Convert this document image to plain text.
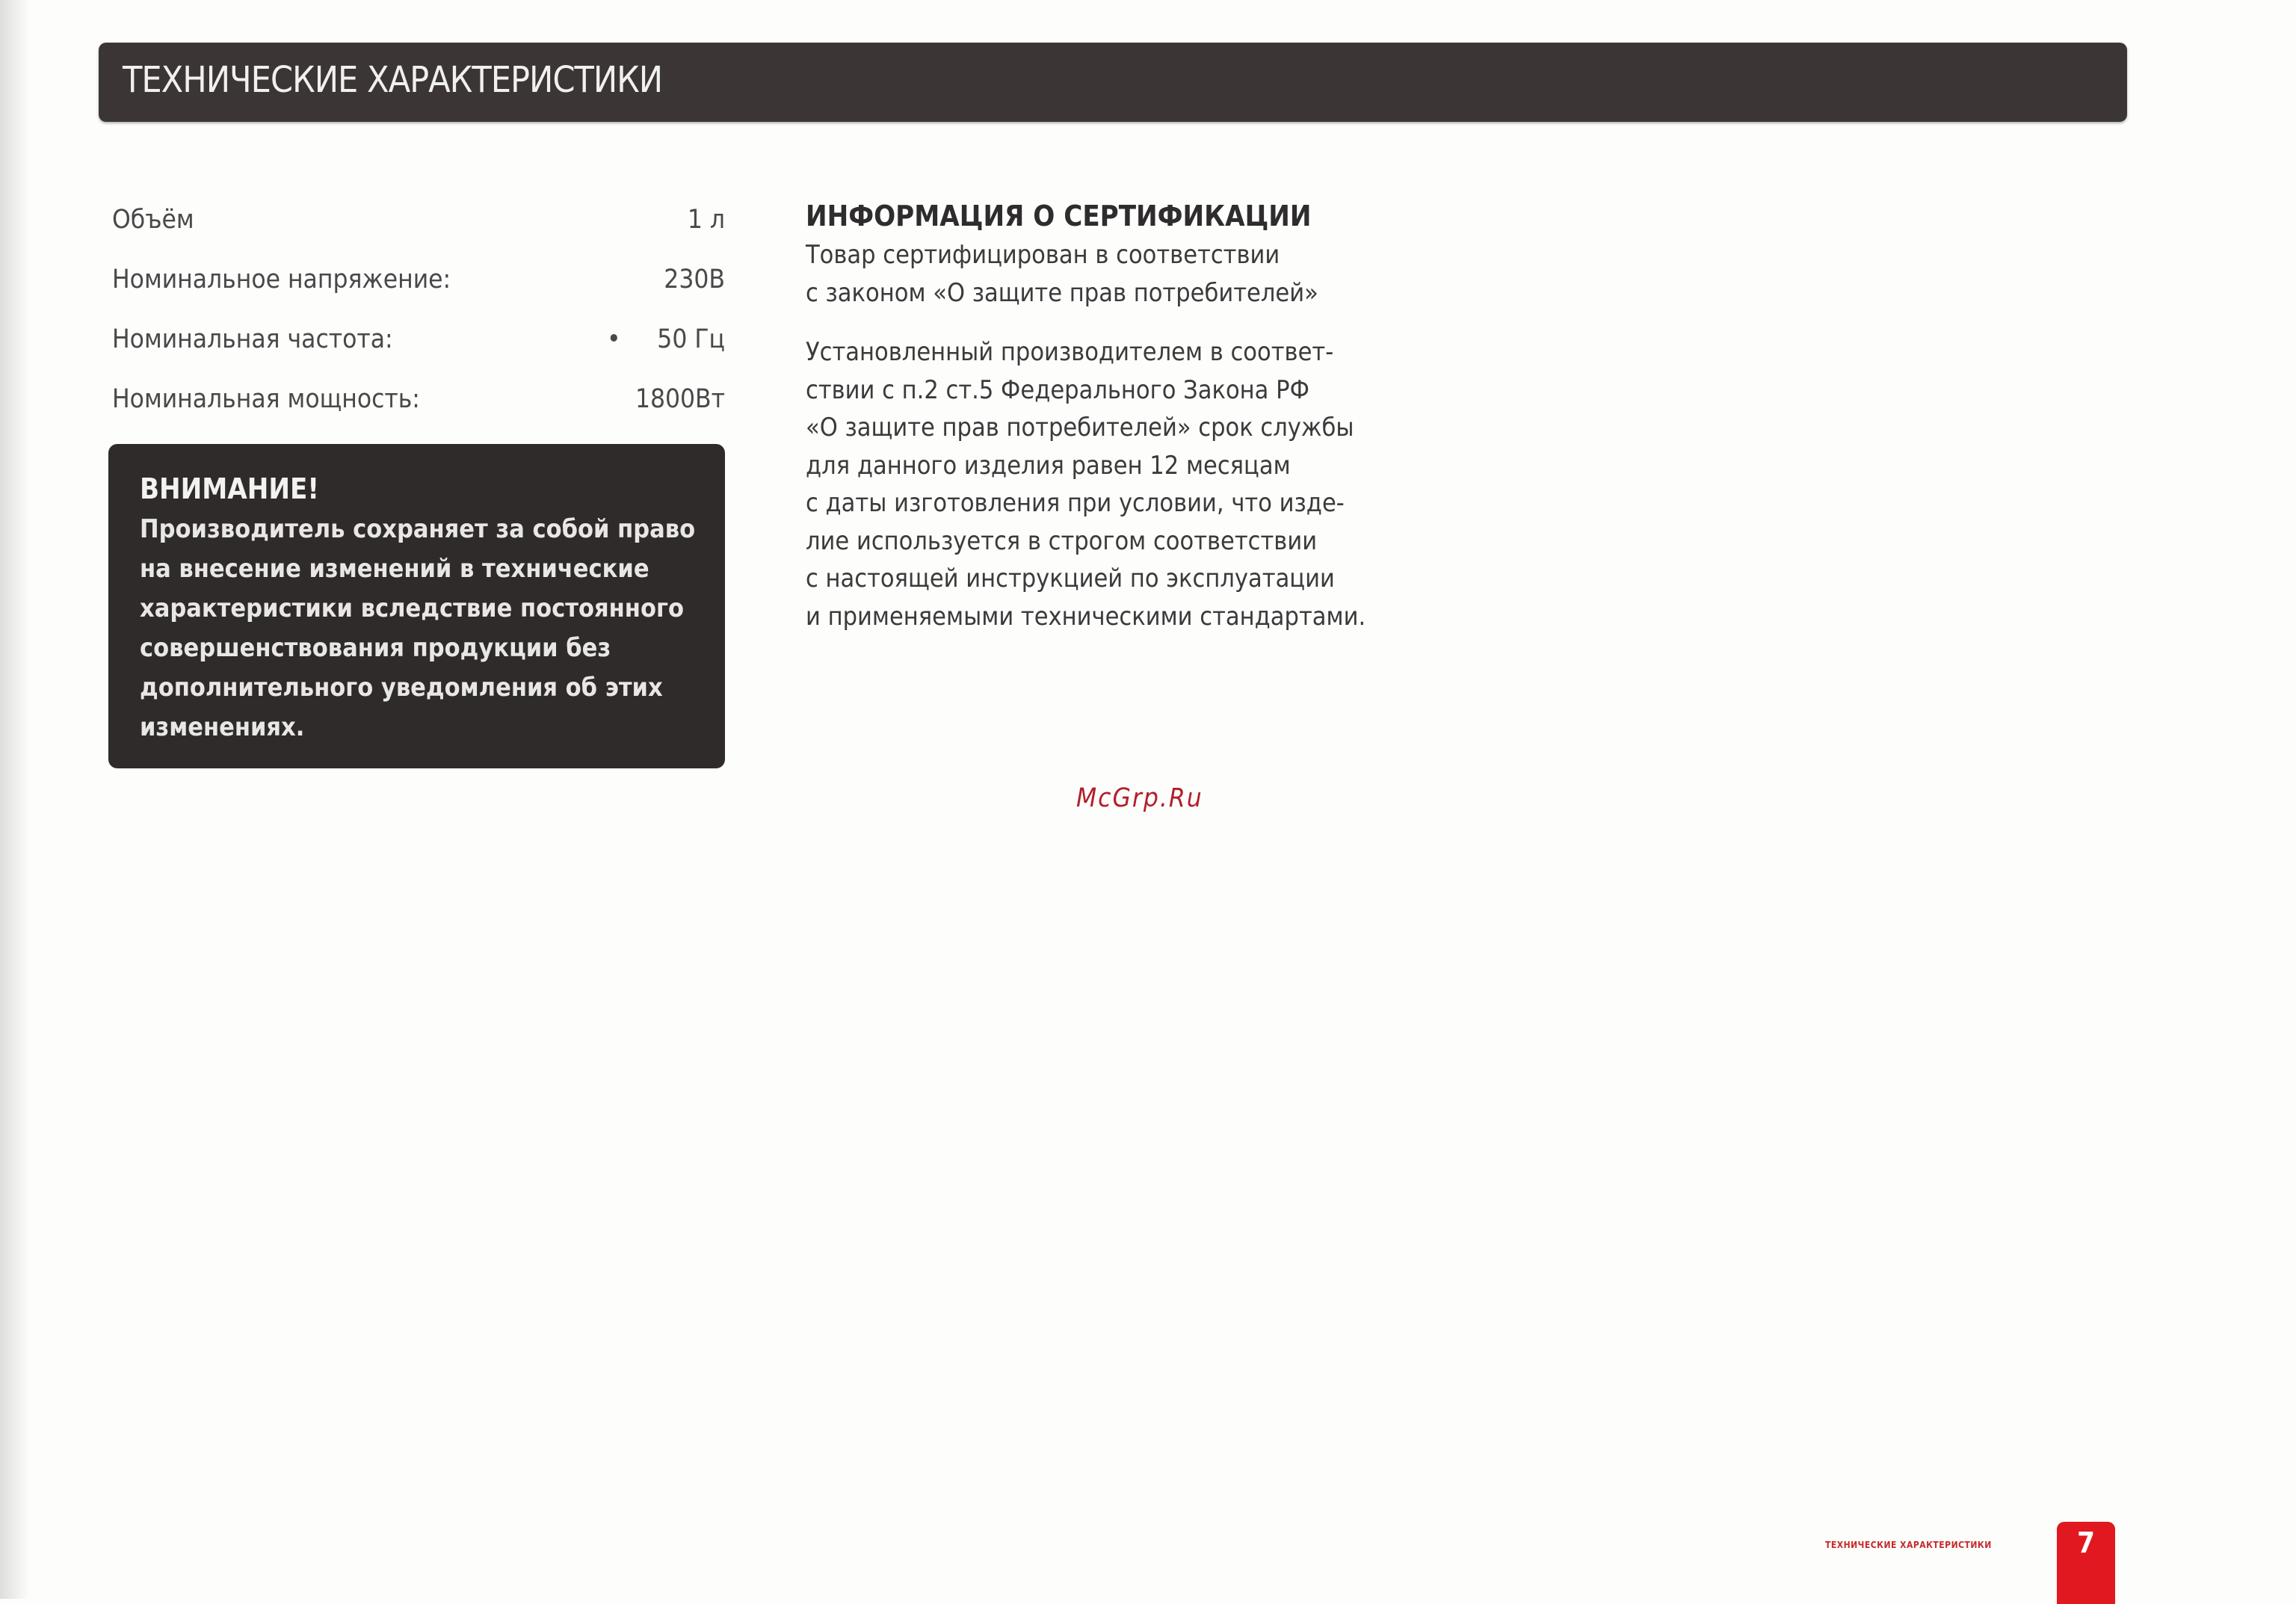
ТЕХНИЧЕСКИЕ ХАРАКТЕРИСТИКИ
Объём	1 л
Номинальное напряжение:	230В
Номинальная частота:	• 50 Гц
Номинальная мощность:	1800Вт
ВНИМАНИЕ!
Производитель сохраняет за собой право на внесение изменений в технические характеристики вследствие постоянного совершенствования продукции без дополнительного уведомления об этих изменениях.

ИНФОРМАЦИЯ О СЕРТИФИКАЦИИ

Товар сертифицирован в соответствии
с законом «О защите прав потребителей»

Установленный производителем в соответ-
ствии с п.2 ст.5 Федерального Закона РФ
«О защите прав потребителей» срок службы
для данного изделия равен 12 месяцам
с даты изготовления при условии, что изде-
лие используется в строгом соответствии
с настоящей инструкцией по эксплуатации
и применяемыми техническими стандартами.

McGrp.Ru
ТЕХНИЧЕСКИЕ ХАРАКТЕРИСТИКИ	7
